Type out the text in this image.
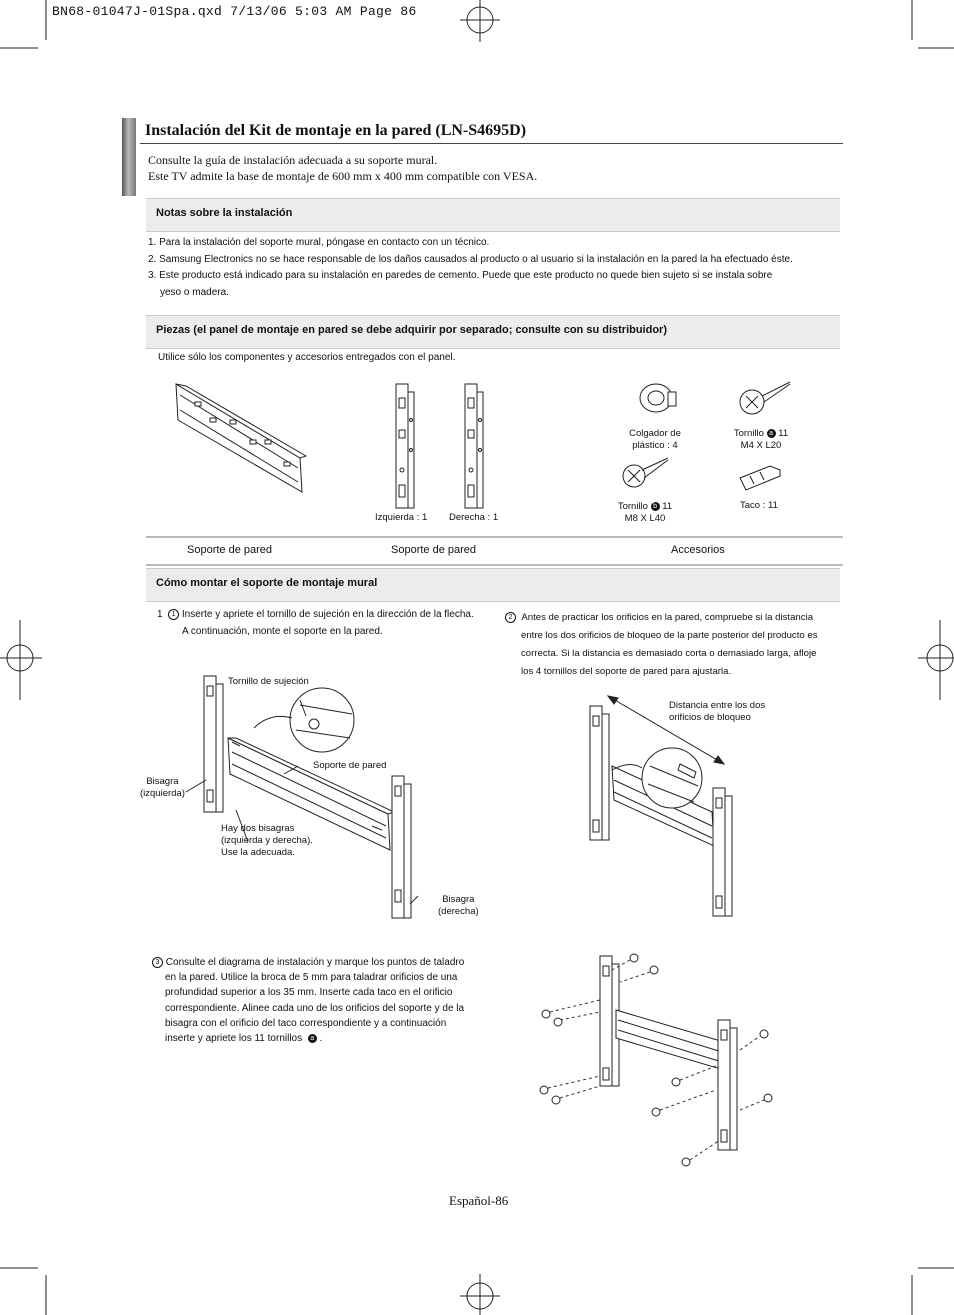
BN68-01047J-01Spa.qxd 7/13/06 5:03 AM Page 86
Instalación del Kit de montaje en la pared (LN-S4695D)
Consulte la guía de instalación adecuada a su soporte mural.
Este TV admite la base de montaje de 600 mm x 400 mm compatible con VESA.
Notas sobre la instalación
1. Para la instalación del soporte mural, póngase en contacto con un técnico.
2. Samsung Electronics no se hace responsable de los daños causados al producto o al usuario si la instalación en la pared la ha efectuado éste.
3. Este producto está indicado para su instalación en paredes de cemento. Puede que este producto no quede bien sujeto si se instala sobre
yeso o madera.
Piezas (el panel de montaje en pared se debe adquirir por separado; consulte con su distribuidor)
Utilice sólo los componentes y accesorios entregados con el panel.
Izquierda : 1 Derecha : 1
Colgador de
plástico : 4
Tornillo a 11
M4 X L20
Tornillo b 11
M8 X L40
Taco : 11
Soporte de pared	Soporte de pared	Accesorios
Cómo montar el soporte de montaje mural
1 1 Inserte y apriete el tornillo de sujeción en la dirección de la flecha.
A continuación, monte el soporte en la pared.
2 Antes de practicar los orificios en la pared, compruebe si la distancia
entre los dos orificios de bloqueo de la parte posterior del producto es
correcta. Si la distancia es demasiado corta o demasiado larga, afloje
los 4 tornillos del soporte de pared para ajustarla.
Tornillo de sujeción
Soporte de pared
Bisagra
(izquierda)
Hay dos bisagras
(izquierda y derecha).
Use la adecuada.
Bisagra
(derecha)
Distancia entre los dos
orificios de bloqueo
3 Consulte el diagrama de instalación y marque los puntos de taladro
en la pared. Utilice la broca de 5 mm para taladrar orificios de una
profundidad superior a los 35 mm. Inserte cada taco en el orificio
correspondiente. Alinee cada uno de los orificios del soporte y de la
bisagra con el orificio del taco correspondiente y a continuación
inserte y apriete los 11 tornillos a .
Español-86
